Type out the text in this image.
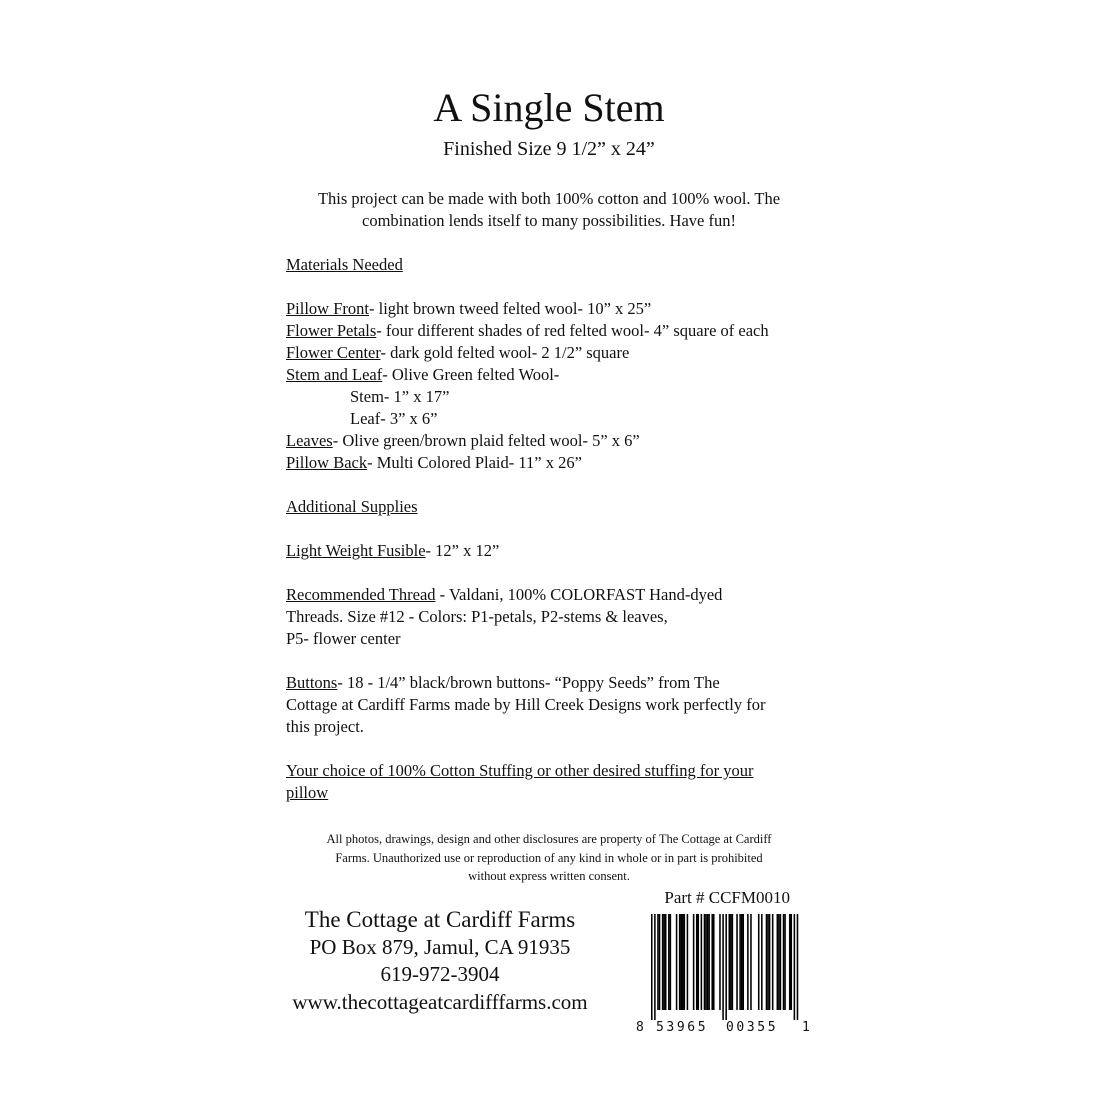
A Single Stem
Finished Size 9 1/2” x 24”
This project can be made with both 100% cotton and 100% wool. The
combination lends itself to many possibilities. Have fun!

Materials Needed

Pillow Front- light brown tweed felted wool- 10” x 25”

Flower Petals- four different shades of red felted wool- 4” square of each

Flower Center- dark gold felted wool- 2 1/2” square

Stem and Leaf- Olive Green felted Wool-

Stem- 1” x 17”

Leaf- 3” x 6”

Leaves- Olive green/brown plaid felted wool- 5” x 6”

Pillow Back- Multi Colored Plaid- 11” x 26”

Additional Supplies

Light Weight Fusible- 12” x 12”

Recommended Thread - Valdani, 100% COLORFAST Hand-dyed

Threads. Size #12 - Colors: P1-petals, P2-stems & leaves,

P5- flower center

Buttons- 18 - 1/4” black/brown buttons- “Poppy Seeds” from The

Cottage at Cardiff Farms made by Hill Creek Designs work perfectly for

this project.

Your choice of 100% Cotton Stuffing or other desired stuffing for your

pillow

All photos, drawings, design and other disclosures are property of The Cottage at Cardiff
Farms. Unauthorized use or reproduction of any kind in whole or in part is prohibited
without express written consent.
The Cottage at Cardiff Farms
PO Box 879, Jamul, CA 91935
619-972-3904
www.thecottageatcardifffarms.com
Part # CCFM0010
8 53965 00355 1
